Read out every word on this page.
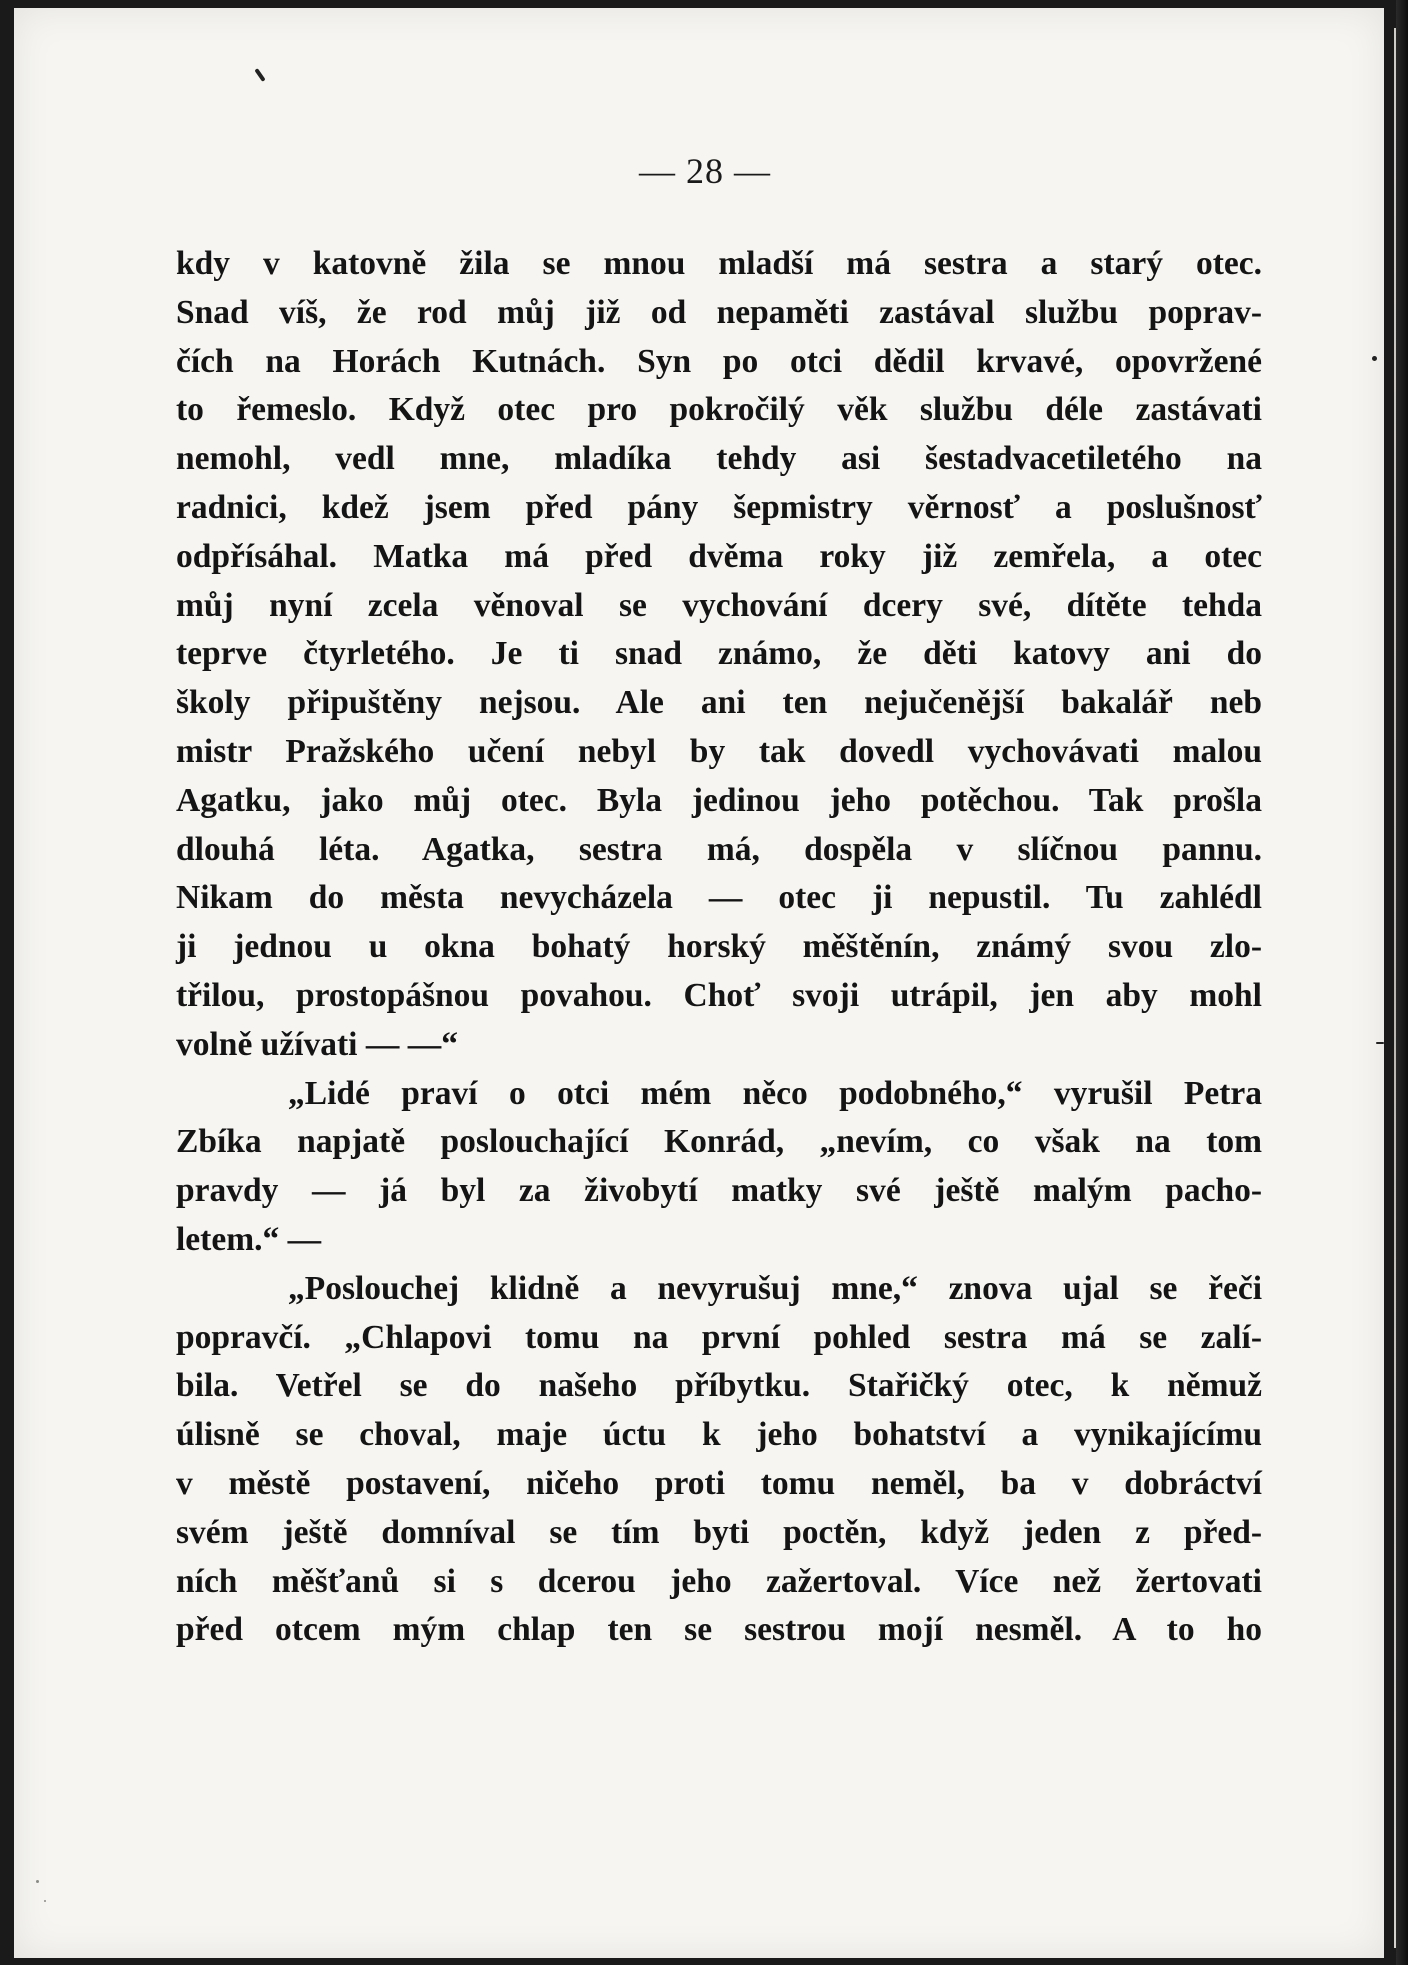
— 28 —
kdy v katovně žila se mnou mladší má sestra a starý otec.
Snad víš, že rod můj již od nepaměti zastával službu poprav-
čích na Horách Kutnách. Syn po otci dědil krvavé, opovržené
to řemeslo. Když otec pro pokročilý věk službu déle zastávati
nemohl, vedl mne, mladíka tehdy asi šestadvacetiletého na
radnici, kdež jsem před pány šepmistry věrnosť a poslušnosť
odpřísáhal. Matka má před dvěma roky již zemřela, a otec
můj nyní zcela věnoval se vychování dcery své, dítěte tehda
teprve čtyrletého. Je ti snad známo, že děti katovy ani do
školy připuštěny nejsou. Ale ani ten nejučenější bakalář neb
mistr Pražského učení nebyl by tak dovedl vychovávati malou
Agatku, jako můj otec. Byla jedinou jeho potěchou. Tak prošla
dlouhá léta. Agatka, sestra má, dospěla v slíčnou pannu.
Nikam do města nevycházela — otec ji nepustil. Tu zahlédl
ji jednou u okna bohatý horský měštěnín, známý svou zlo-
třilou, prostopášnou povahou. Choť svoji utrápil, jen aby mohl
volně užívati — —“
„Lidé praví o otci mém něco podobného,“ vyrušil Petra
Zbíka napjatě poslouchající Konrád, „nevím, co však na tom
pravdy — já byl za živobytí matky své ještě malým pacho-
letem.“ —
„Poslouchej klidně a nevyrušuj mne,“ znova ujal se řeči
popravčí. „Chlapovi tomu na první pohled sestra má se zalí-
bila. Vetřel se do našeho příbytku. Stařičký otec, k němuž
úlisně se choval, maje úctu k jeho bohatství a vynikajícímu
v městě postavení, ničeho proti tomu neměl, ba v dobráctví
svém ještě domníval se tím byti poctěn, když jeden z před-
ních měšťanů si s dcerou jeho zažertoval. Více než žertovati
před otcem mým chlap ten se sestrou mojí nesměl. A to ho
